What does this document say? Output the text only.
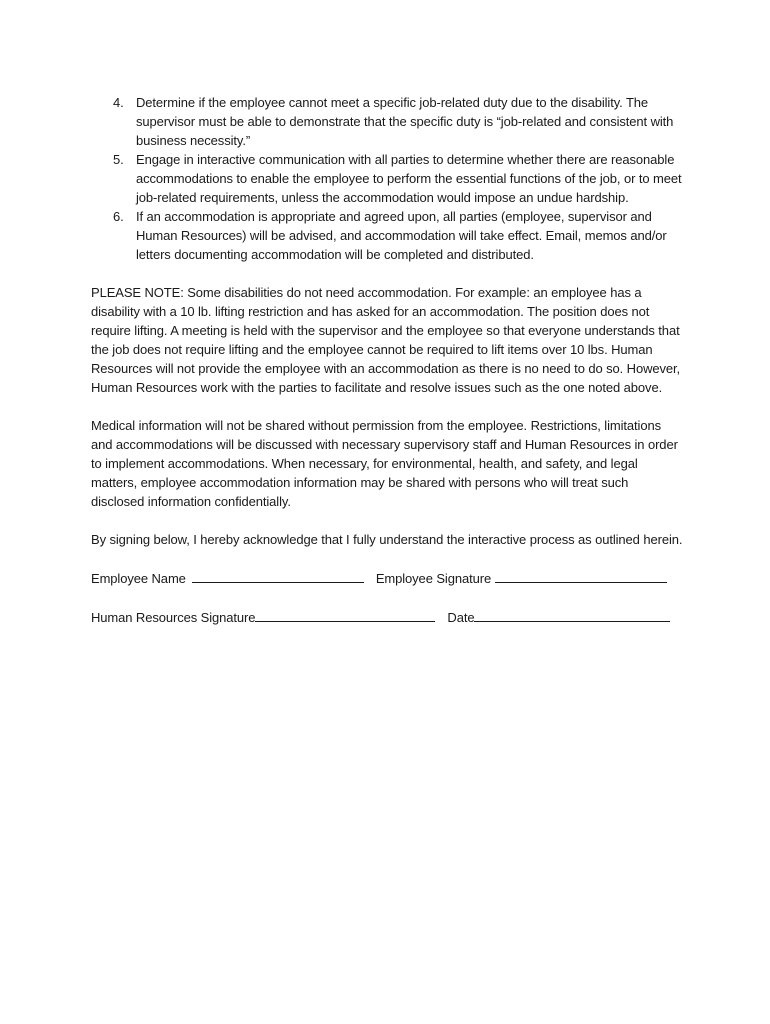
4. Determine if the employee cannot meet a specific job-related duty due to the disability. The supervisor must be able to demonstrate that the specific duty is “job-related and consistent with business necessity.”
5. Engage in interactive communication with all parties to determine whether there are reasonable accommodations to enable the employee to perform the essential functions of the job, or to meet job-related requirements, unless the accommodation would impose an undue hardship.
6. If an accommodation is appropriate and agreed upon, all parties (employee, supervisor and Human Resources) will be advised, and accommodation will take effect. Email, memos and/or letters documenting accommodation will be completed and distributed.

PLEASE NOTE: Some disabilities do not need accommodation. For example: an employee has a disability with a 10 lb. lifting restriction and has asked for an accommodation. The position does not require lifting. A meeting is held with the supervisor and the employee so that everyone understands that the job does not require lifting and the employee cannot be required to lift items over 10 lbs. Human Resources will not provide the employee with an accommodation as there is no need to do so. However, Human Resources work with the parties to facilitate and resolve issues such as the one noted above.

Medical information will not be shared without permission from the employee. Restrictions, limitations and accommodations will be discussed with necessary supervisory staff and Human Resources in order to implement accommodations. When necessary, for environmental, health, and safety, and legal matters, employee accommodation information may be shared with persons who will treat such disclosed information confidentially.

By signing below, I hereby acknowledge that I fully understand the interactive process as outlined herein.

Employee Name	Employee Signature
Human Resources Signature	Date
